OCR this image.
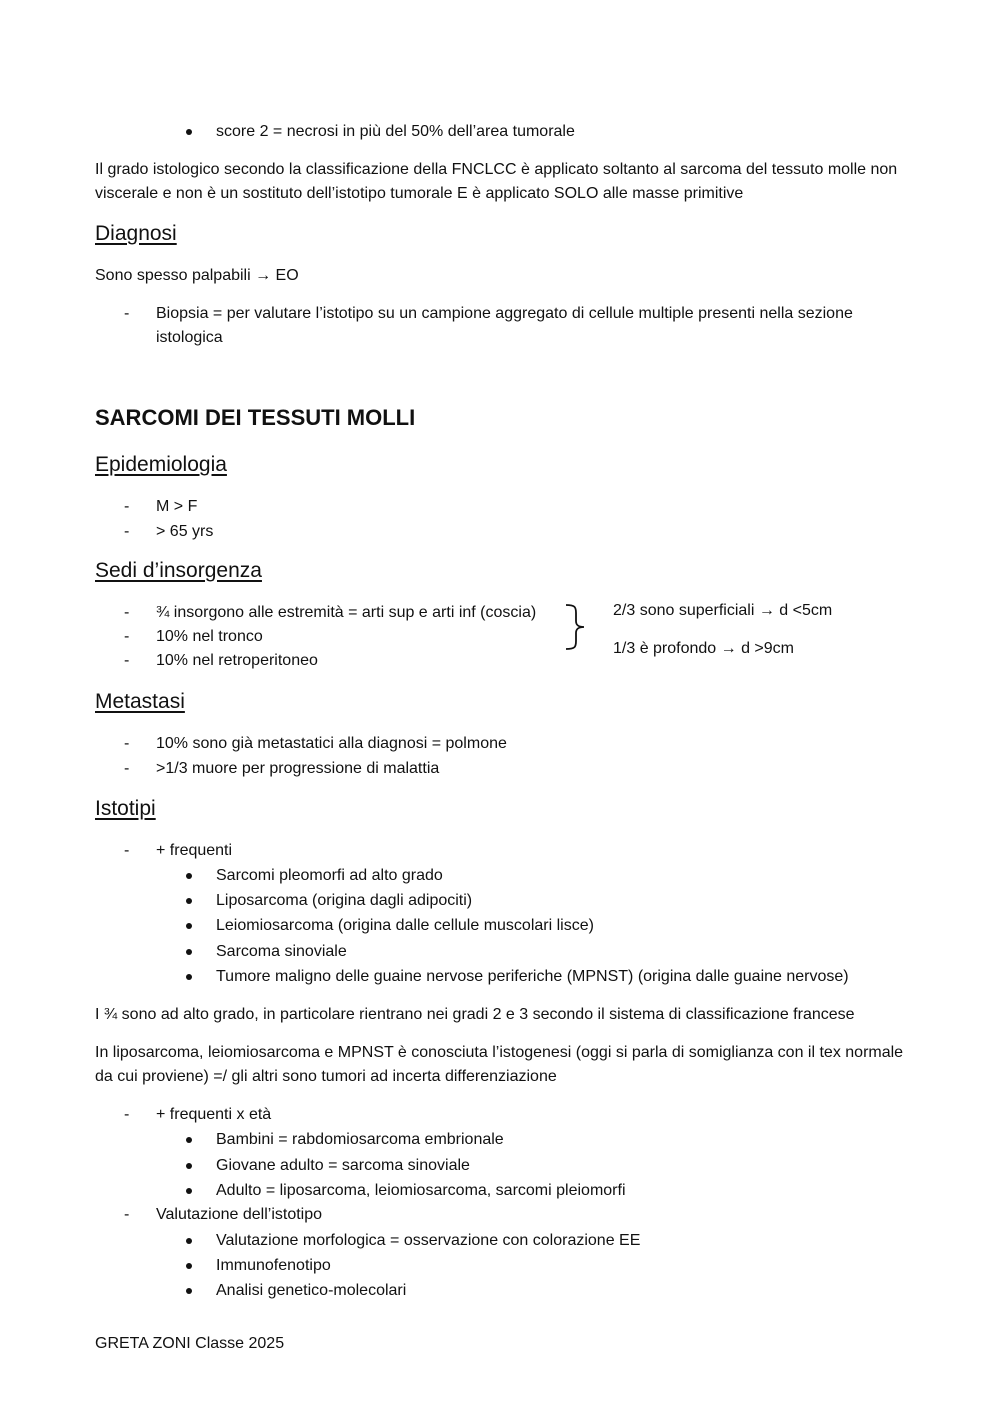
score 2 = necrosi in più del 50% dell’area tumorale

Il grado istologico secondo la classificazione della FNCLCC è applicato soltanto al sarcoma del tessuto molle non viscerale e non è un sostituto dell’istotipo tumorale E è applicato SOLO alle masse primitive

Diagnosi
Sono spesso palpabili → EO
- Biopsia = per valutare l’istotipo su un campione aggregato di cellule multiple presenti nella sezione istologica

SARCOMI DEI TESSUTI MOLLI
Epidemiologia
- M > F
- > 65 yrs
Sedi d’insorgenza
- ¾ insorgono alle estremità = arti sup e arti inf (coscia)
- 10% nel tronco
- 10% nel retroperitoneo
2/3 sono superficiali → d <5cm
1/3 è profondo → d >9cm
Metastasi
- 10% sono già metastatici alla diagnosi = polmone
- >1/3 muore per progressione di malattia
Istotipi
- + frequenti
Sarcomi pleomorfi ad alto grado
Liposarcoma (origina dagli adipociti)
Leiomiosarcoma (origina dalle cellule muscolari lisce)
Sarcoma sinoviale
Tumore maligno delle guaine nervose periferiche (MPNST) (origina dalle guaine nervose)
I ¾ sono ad alto grado, in particolare rientrano nei gradi 2 e 3 secondo il sistema di classificazione francese

In liposarcoma, leiomiosarcoma e MPNST è conosciuta l’istogenesi (oggi si parla di somiglianza con il tex normale da cui proviene) =/ gli altri sono tumori ad incerta differenziazione

- + frequenti x età
Bambini = rabdomiosarcoma embrionale
Giovane adulto = sarcoma sinoviale
Adulto = liposarcoma, leiomiosarcoma, sarcomi pleiomorfi
- Valutazione dell’istotipo
Valutazione morfologica = osservazione con colorazione EE
Immunofenotipo
Analisi genetico-molecolari
GRETA ZONI Classe 2025
